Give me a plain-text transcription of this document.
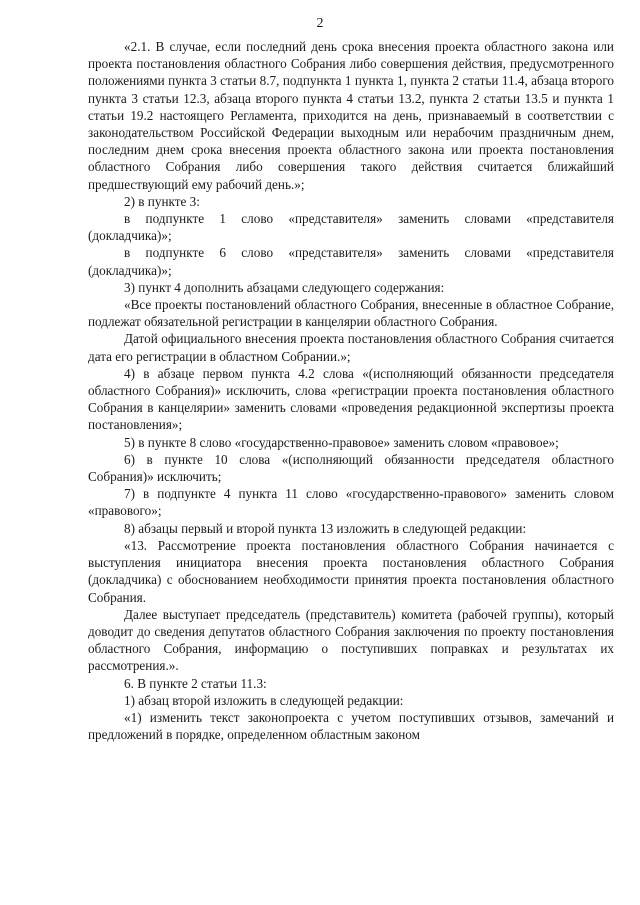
2

«2.1. В случае, если последний день срока внесения проекта областного закона или проекта постановления областного Собрания либо совершения действия, предусмотренного положениями пункта 3 статьи 8.7, подпункта 1 пункта 1, пункта 2 статьи 11.4, абзаца второго пункта 3 статьи 12.3, абзаца второго пункта 4 статьи 13.2, пункта 2 статьи 13.5 и пункта 1 статьи 19.2 настоящего Регламента, приходится на день, признаваемый в соответствии с законодательством Российской Федерации выходным или нерабочим праздничным днем, последним днем срока внесения проекта областного закона или проекта постановления областного Собрания либо совершения такого действия считается ближайший предшествующий ему рабочий день.»;

2) в пункте 3:

в подпункте 1 слово «представителя» заменить словами «представителя (докладчика)»;

в подпункте 6 слово «представителя» заменить словами «представителя (докладчика)»;

3) пункт 4 дополнить абзацами следующего содержания:

«Все проекты постановлений областного Собрания, внесенные в областное Собрание, подлежат обязательной регистрации в канцелярии областного Собрания.

Датой официального внесения проекта постановления областного Собрания считается дата его регистрации в областном Собрании.»;

4) в абзаце первом пункта 4.2 слова «(исполняющий обязанности председателя областного Собрания)» исключить, слова «регистрации проекта постановления областного Собрания в канцелярии» заменить словами «проведения редакционной экспертизы проекта постановления»;

5) в пункте 8 слово «государственно-правовое» заменить словом «правовое»;

6) в пункте 10 слова «(исполняющий обязанности председателя областного Собрания)» исключить;

7) в подпункте 4 пункта 11 слово «государственно-правового» заменить словом «правового»;

8) абзацы первый и второй пункта 13 изложить в следующей редакции:

«13. Рассмотрение проекта постановления областного Собрания начинается с выступления инициатора внесения проекта постановления областного Собрания (докладчика) с обоснованием необходимости принятия проекта постановления областного Собрания.

Далее выступает председатель (представитель) комитета (рабочей группы), который доводит до сведения депутатов областного Собрания заключения по проекту постановления областного Собрания, информацию о поступивших поправках и результатах их рассмотрения.».

6. В пункте 2 статьи 11.3:

1) абзац второй изложить в следующей редакции:

«1) изменить текст законопроекта с учетом поступивших отзывов, замечаний и предложений в порядке, определенном областным законом
